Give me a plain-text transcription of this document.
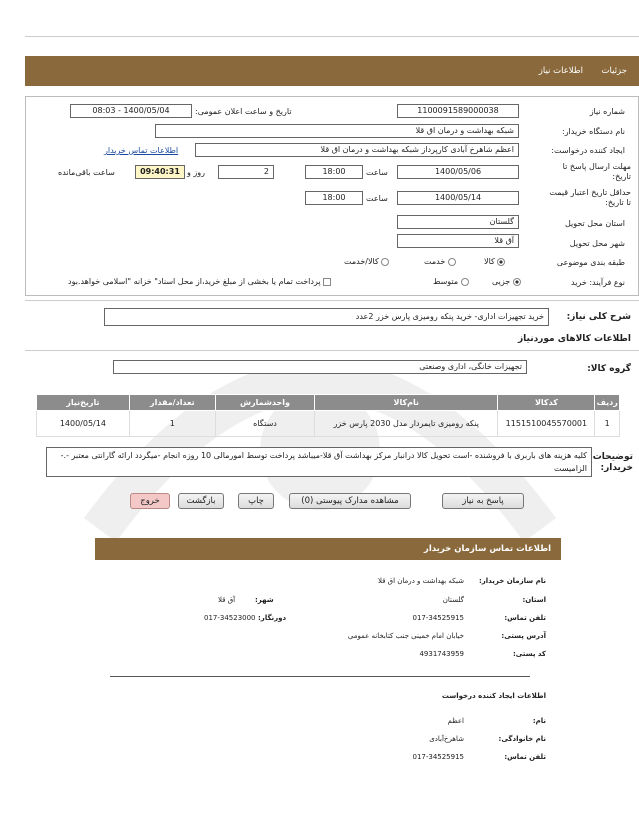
جزئیات
اطلاعات نیاز
شماره نیاز
1100091589000038
تاریخ و ساعت اعلان عمومی:
1400/05/04 - 08:03
نام دستگاه خریدار:
شبکه بهداشت و درمان اق قلا
ایجاد کننده درخواست:
اعظم شاهرخ آبادی کارپرداز شبکه بهداشت و درمان اق قلا
اطلاعات تماس خریدار
مهلت ارسال پاسخ تا تاریخ:
1400/05/06
ساعت
18:00
2
روز و
09:40:31
ساعت باقی‌مانده
حداقل تاریخ اعتبار قیمت تا تاریخ:
1400/05/14
ساعت
18:00
استان محل تحویل
گلستان
شهر محل تحویل
آق قلا
طبقه بندی موضوعی
کالا
خدمت
کالا/خدمت
نوع فرآیند: خرید
جزیی
متوسط
پرداخت تمام یا بخشی از مبلغ خرید،از محل اسناد" خزانه "اسلامی خواهد.بود
شرح کلی نیاز:
خرید تجهیزات اداری- خرید پنکه رومیزی پارس خزر 2عدد
اطلاعات کالاهای موردنیاز
گروه کالا:
تجهیزات خانگی، اداری وصنعتی
ردیف	کدکالا	نام‌کالا	واحدشمارش	تعداد/مقدار	تاریخ‌نیاز
1	1151510045570001	پنکه رومیزی تایمردار مدل 2030 پارس خزر	دستگاه	1	1400/05/14
توضیحات خریدار:
کلیه هزینه های باربری با فروشنده -است تحویل کالا درانبار مرکز بهداشت آق قلا-میباشد پرداخت توسط امورمالی 10 روزه انجام -میگردد ارائه گارانتی معتبر -.-الزامیست
پاسخ به نیاز
مشاهده مدارک پیوستی (0)
چاپ
بازگشت
خروج
اطلاعات تماس سازمان خریدار
نام سازمان خریدار:
شبکه بهداشت و درمان اق قلا
استان:
گلستان
شهر:
آق قلا
تلفن تماس:
017-34525915
دورنگار:
017-34523000
آدرس پستی:
خیابان امام خمینی جنب کتابخانه عمومی
کد پستی:
4931743959
اطلاعات ایجاد کننده درخواست
نام:
اعظم
نام خانوادگی:
شاهرخ‌آبادی
تلفن تماس:
017-34525915
